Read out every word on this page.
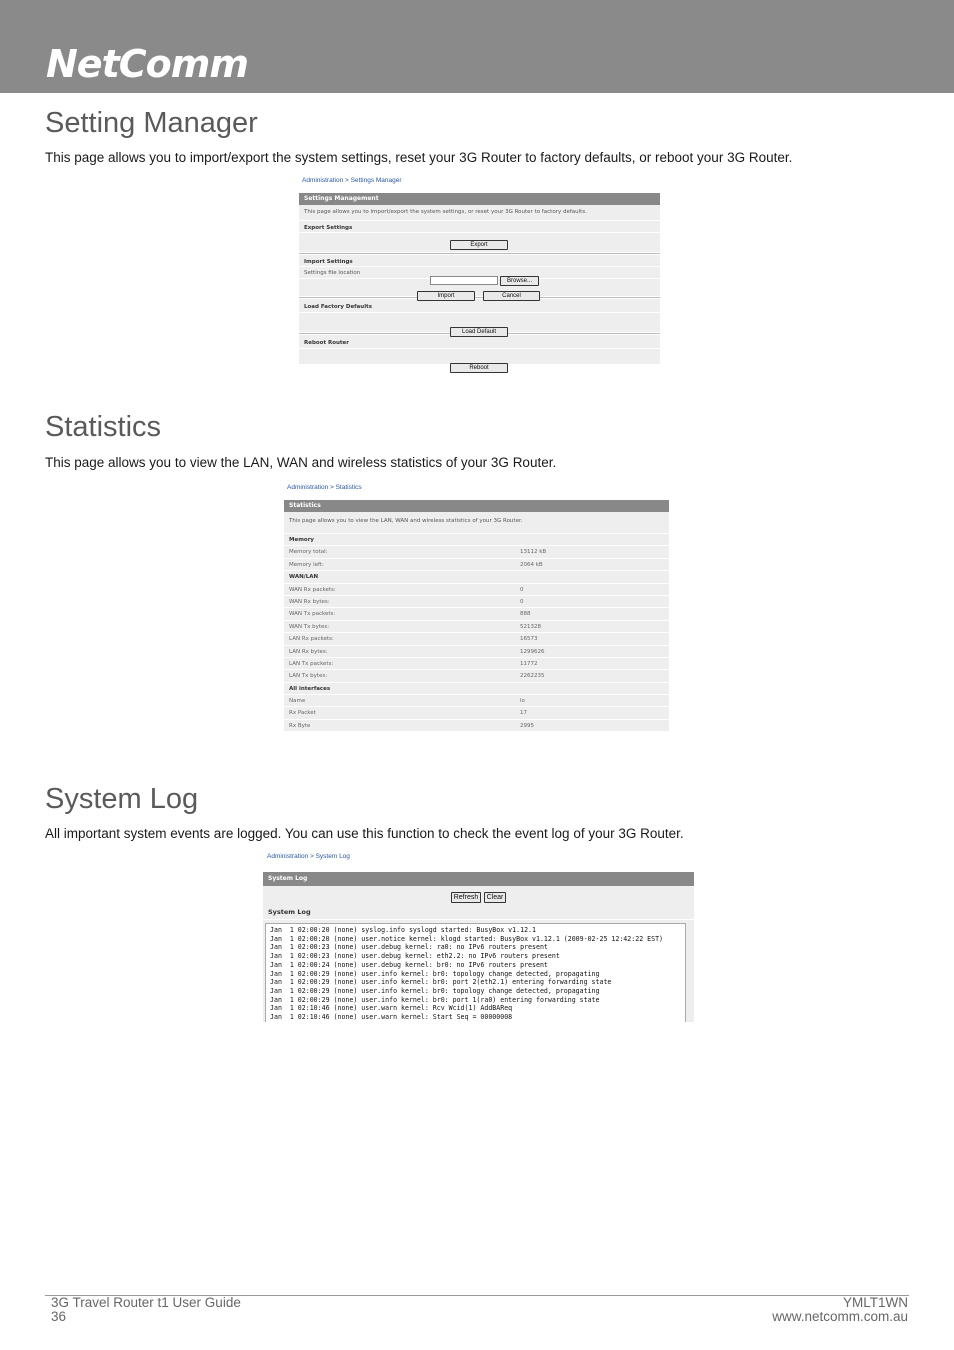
NetComm
Setting Manager

This page allows you to import/export the system settings, reset your 3G Router to factory defaults, or reboot your 3G Router.

Administration > Settings Manager
Settings Management
This page allows you to import/export the system settings, or reset your 3G Router to factory defaults.
Export Settings
Import Settings
Settings file location
Load Factory Defaults
Reboot Router
Export
Browse...
Import	Cancel
Load Default
Reboot
Statistics

This page allows you to view the LAN, WAN and wireless statistics of your 3G Router.

Administration > Statistics
Statistics
This page allows you to view the LAN, WAN and wireless statistics of your 3G Router.
Memory
Memory total:	13112 kB
Memory left:	2064 kB
WAN/LAN
WAN Rx packets:	0
WAN Rx bytes:	0
WAN Tx packets:	888
WAN Tx bytes:	521328
LAN Rx packets:	16573
LAN Rx bytes:	1299626
LAN Tx packets:	11772
LAN Tx bytes:	2262235
All interfaces
Name	lo
Rx Packet	17
Rx Byte	2995
System Log

All important system events are logged. You can use this function to check the event log of your 3G Router.

Administration > System Log
System Log
System Log
Refresh	Clear
Jan  1 02:00:20 (none) syslog.info syslogd started: BusyBox v1.12.1
Jan  1 02:00:20 (none) user.notice kernel: klogd started: BusyBox v1.12.1 (2009-02-25 12:42:22 EST)
Jan  1 02:00:23 (none) user.debug kernel: ra0: no IPv6 routers present
Jan  1 02:00:23 (none) user.debug kernel: eth2.2: no IPv6 routers present
Jan  1 02:00:24 (none) user.debug kernel: br0: no IPv6 routers present
Jan  1 02:00:29 (none) user.info kernel: br0: topology change detected, propagating
Jan  1 02:00:29 (none) user.info kernel: br0: port 2(eth2.1) entering forwarding state
Jan  1 02:00:29 (none) user.info kernel: br0: topology change detected, propagating
Jan  1 02:00:29 (none) user.info kernel: br0: port 1(ra0) entering forwarding state
Jan  1 02:10:46 (none) user.warn kernel: Rcv Wcid(1) AddBAReq
Jan  1 02:10:46 (none) user.warn kernel: Start Seq = 00000008
3G Travel Router t1 User Guide
36
YMLT1WN
www.netcomm.com.au
